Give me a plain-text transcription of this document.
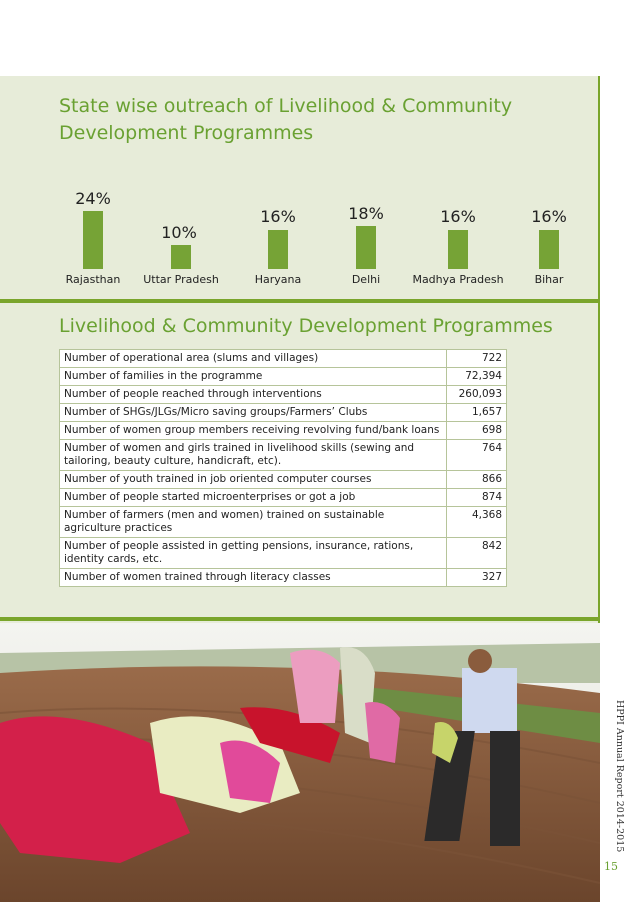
State wise outreach of Livelihood & Community
Development Programmes
24%
Rajasthan
10%
Uttar Pradesh
16%
Haryana
18%
Delhi
16%
Madhya Pradesh
16%
Bihar
Livelihood & Community Development Programmes
Number of operational area (slums and villages)	722
Number of families in the programme	72,394
Number of people reached through interventions	260,093
Number of SHGs/JLGs/Micro saving groups/Farmers’ Clubs	1,657
Number of women group members receiving revolving fund/bank loans	698
Number of women and girls trained in livelihood skills (sewing and tailoring, beauty culture, handicraft, etc).	764
Number of youth trained in job oriented computer courses	866
Number of people started microenterprises or got a job	874
Number of farmers (men and women) trained on sustainable agriculture practices	4,368
Number of people assisted in getting pensions, insurance, rations, identity cards, etc.	842
Number of women trained through literacy classes	327
HPPI Annual Report 2014-2015
15
